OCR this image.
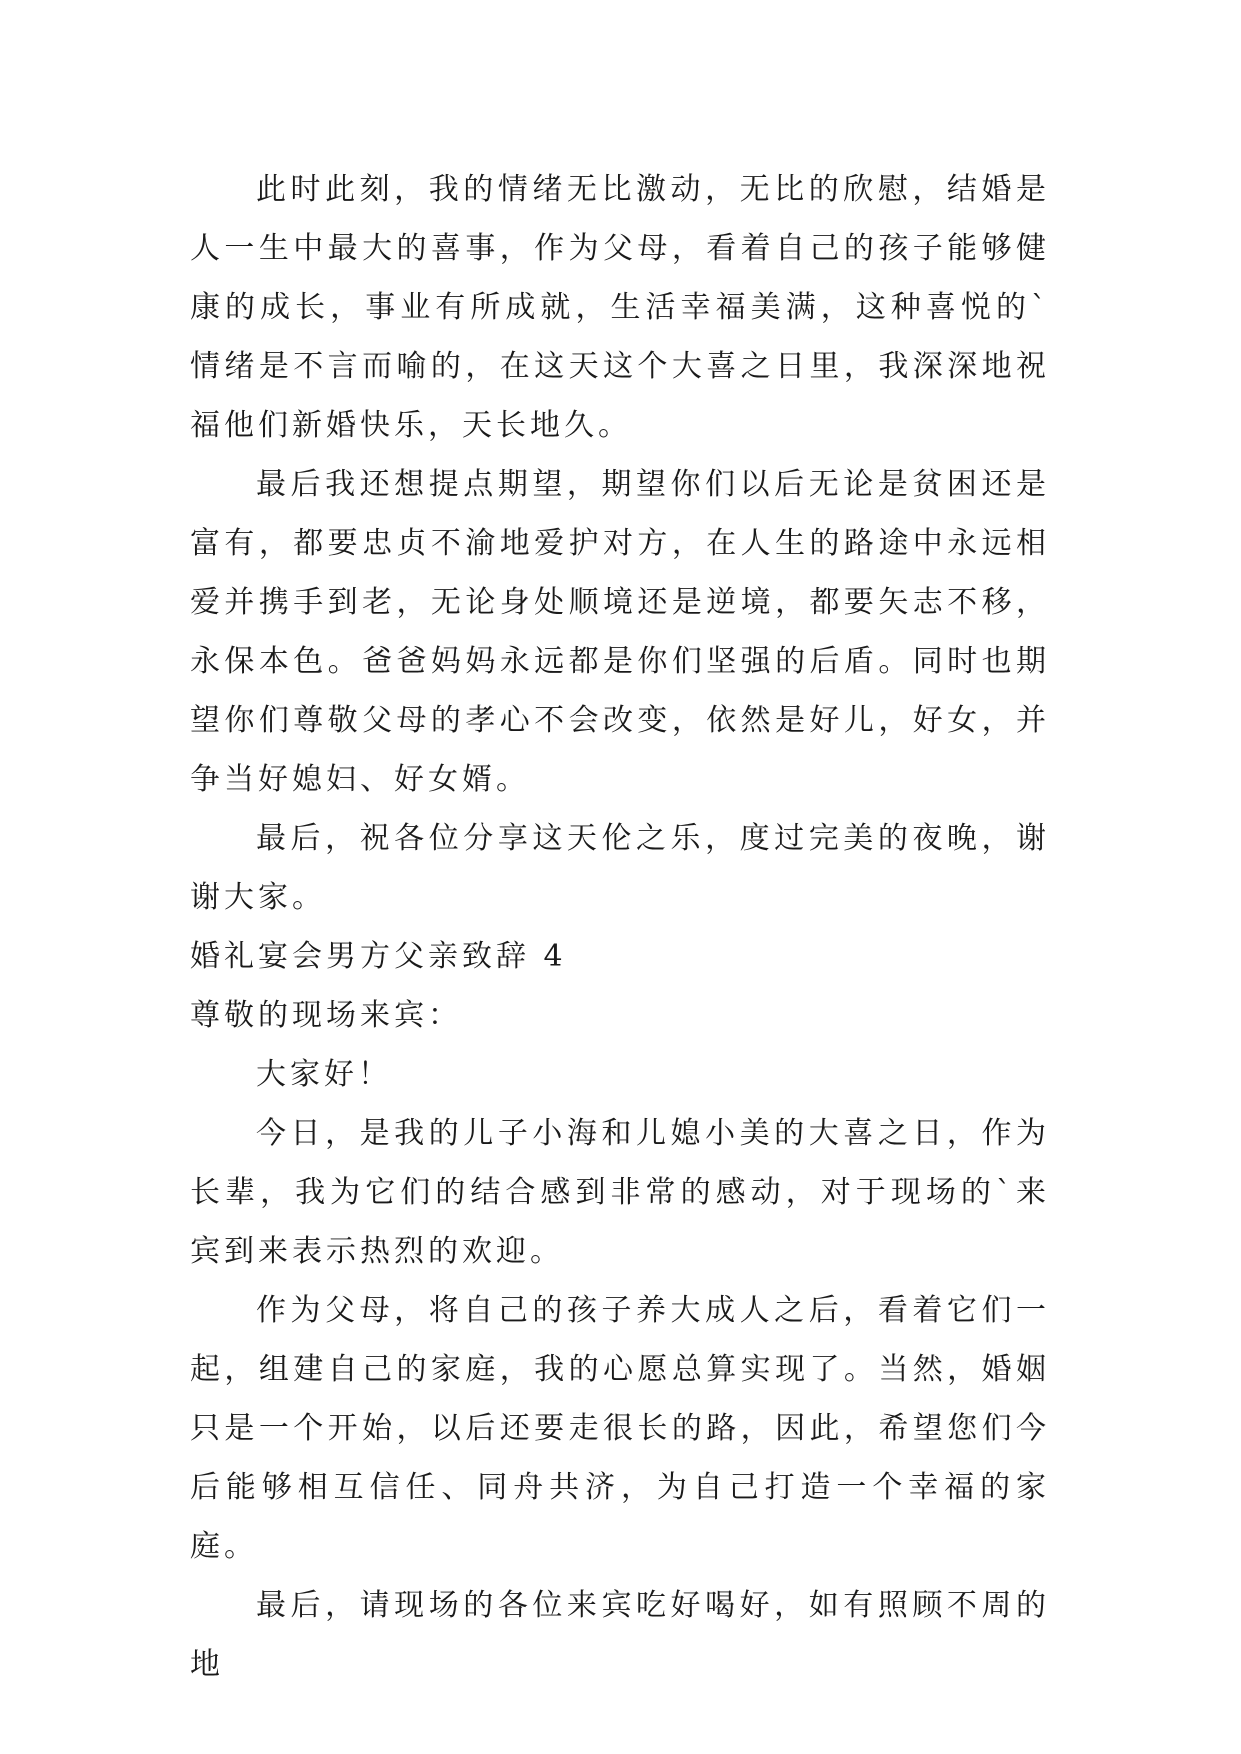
此时此刻，我的情绪无比激动，无比的欣慰，结婚是人一生中最大的喜事，作为父母，看着自己的孩子能够健康的成长，事业有所成就，生活幸福美满，这种喜悦的`情绪是不言而喻的，在这天这个大喜之日里，我深深地祝福他们新婚快乐，天长地久。

最后我还想提点期望，期望你们以后无论是贫困还是富有，都要忠贞不渝地爱护对方，在人生的路途中永远相爱并携手到老，无论身处顺境还是逆境，都要矢志不移，永保本色。爸爸妈妈永远都是你们坚强的后盾。同时也期望你们尊敬父母的孝心不会改变，依然是好儿，好女，并争当好媳妇、好女婿。

最后，祝各位分享这天伦之乐，度过完美的夜晚，谢谢大家。

婚礼宴会男方父亲致辞 4

尊敬的现场来宾：

大家好！

今日，是我的儿子小海和儿媳小美的大喜之日，作为长辈，我为它们的结合感到非常的感动，对于现场的`来宾到来表示热烈的欢迎。

作为父母，将自己的孩子养大成人之后，看着它们一起，组建自己的家庭，我的心愿总算实现了。当然，婚姻只是一个开始，以后还要走很长的路，因此，希望您们今后能够相互信任、同舟共济，为自己打造一个幸福的家庭。

最后，请现场的各位来宾吃好喝好，如有照顾不周的地
